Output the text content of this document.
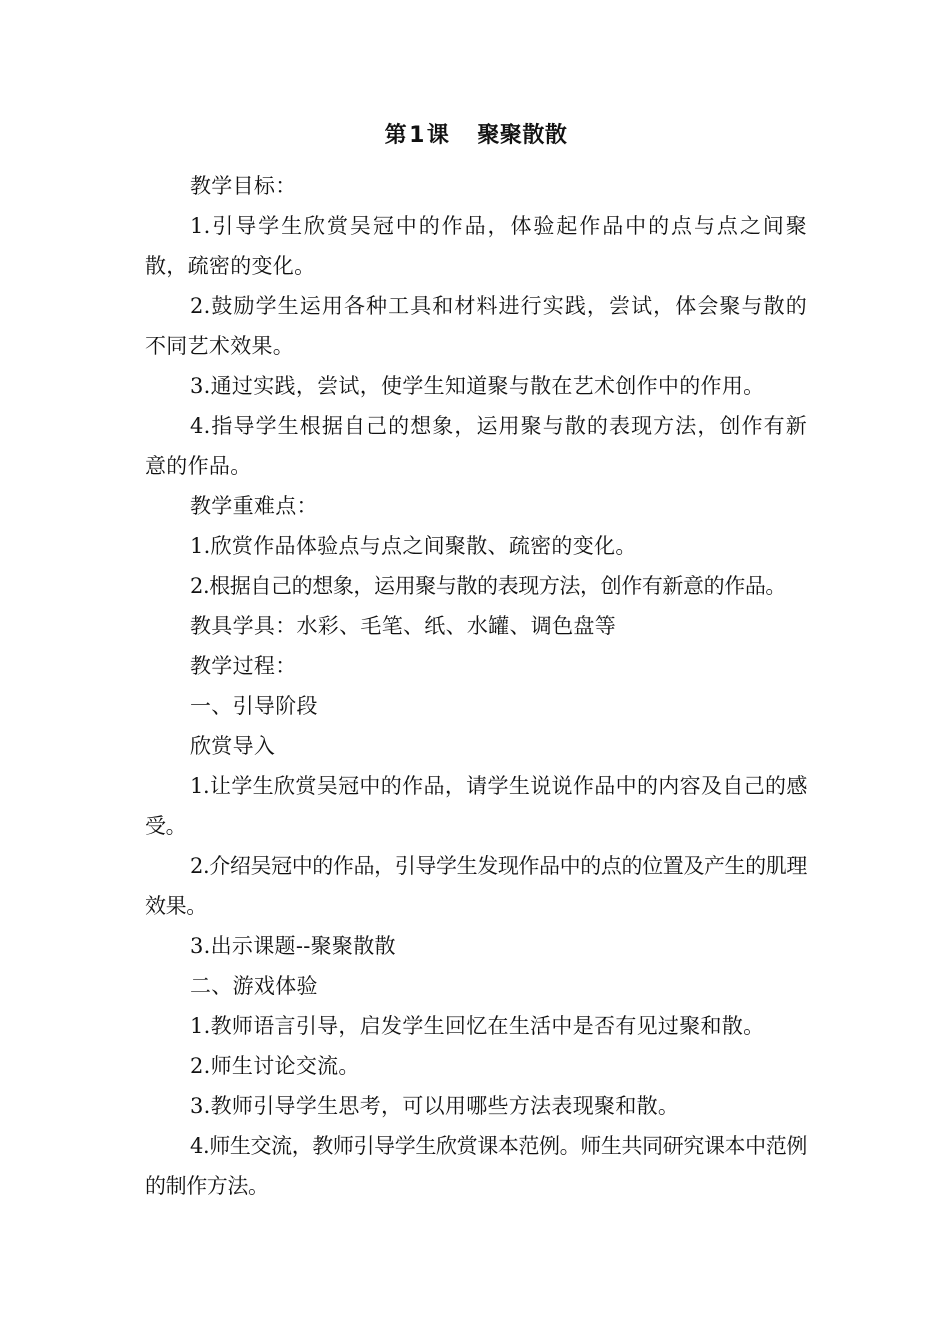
第1课 聚聚散散

教学目标：

1.引导学生欣赏吴冠中的作品，体验起作品中的点与点之间聚散，疏密的变化。

2.鼓励学生运用各种工具和材料进行实践，尝试，体会聚与散的不同艺术效果。

3.通过实践，尝试，使学生知道聚与散在艺术创作中的作用。

4.指导学生根据自己的想象，运用聚与散的表现方法，创作有新意的作品。

教学重难点：

1.欣赏作品体验点与点之间聚散、疏密的变化。

2.根据自己的想象，运用聚与散的表现方法，创作有新意的作品。

教具学具：水彩、毛笔、纸、水罐、调色盘等

教学过程：

一、引导阶段

欣赏导入

1.让学生欣赏吴冠中的作品，请学生说说作品中的内容及自己的感受。

2.介绍吴冠中的作品，引导学生发现作品中的点的位置及产生的肌理效果。

3.出示课题--聚聚散散

二、游戏体验

1.教师语言引导，启发学生回忆在生活中是否有见过聚和散。

2.师生讨论交流。

3.教师引导学生思考，可以用哪些方法表现聚和散。

4.师生交流，教师引导学生欣赏课本范例。师生共同研究课本中范例的制作方法。
